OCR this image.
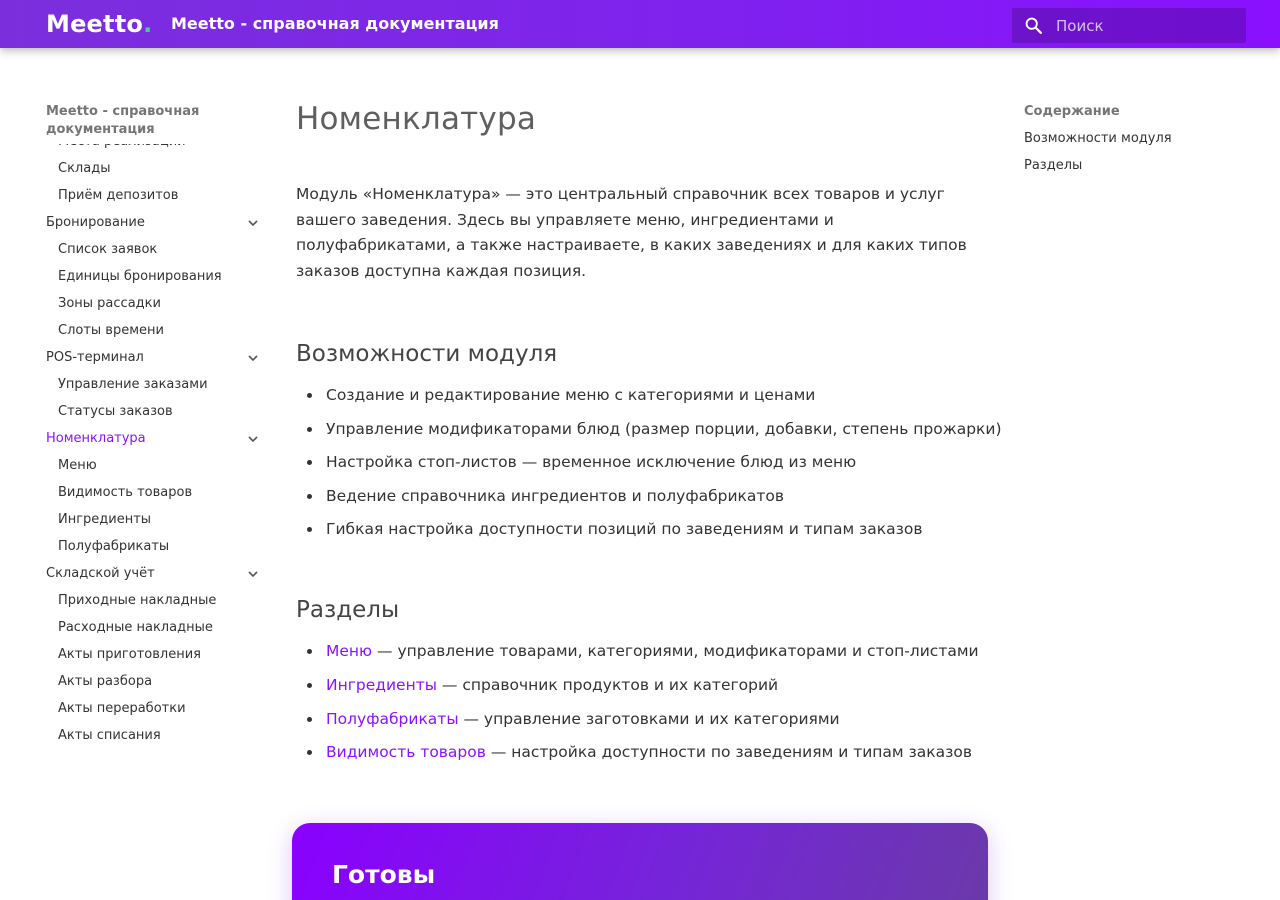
Meetto. Meetto - справочная документация
Поиск
Meetto - справочная документация
Склады
Приём депозитов
Бронирование
Список заявок
Единицы бронирования
Зоны рассадки
Слоты времени
POS-терминал
Управление заказами
Статусы заказов
Номенклатура
Меню
Видимость товаров
Ингредиенты
Полуфабрикаты
Складской учёт
Приходные накладные
Расходные накладные
Акты приготовления
Акты разбора
Акты переработки
Акты списания
Номенклатура

Модуль «Номенклатура» — это центральный справочник всех товаров и услуг вашего заведения. Здесь вы управляете меню, ингредиентами и полуфабрикатами, а также настраиваете, в каких заведениях и для каких типов заказов доступна каждая позиция.

Возможности модуля
Создание и редактирование меню с категориями и ценами
Управление модификаторами блюд (размер порции, добавки, степень прожарки)
Настройка стоп-листов — временное исключение блюд из меню
Ведение справочника ингредиентов и полуфабрикатов
Гибкая настройка доступности позиций по заведениям и типам заказов
Разделы
Меню — управление товарами, категориями, модификаторами и стоп-листами
Ингредиенты — справочник продуктов и их категорий
Полуфабрикаты — управление заготовками и их категориями
Видимость товаров — настройка доступности по заведениям и типам заказов
Готовы
Содержание
Возможности модуля
Разделы
